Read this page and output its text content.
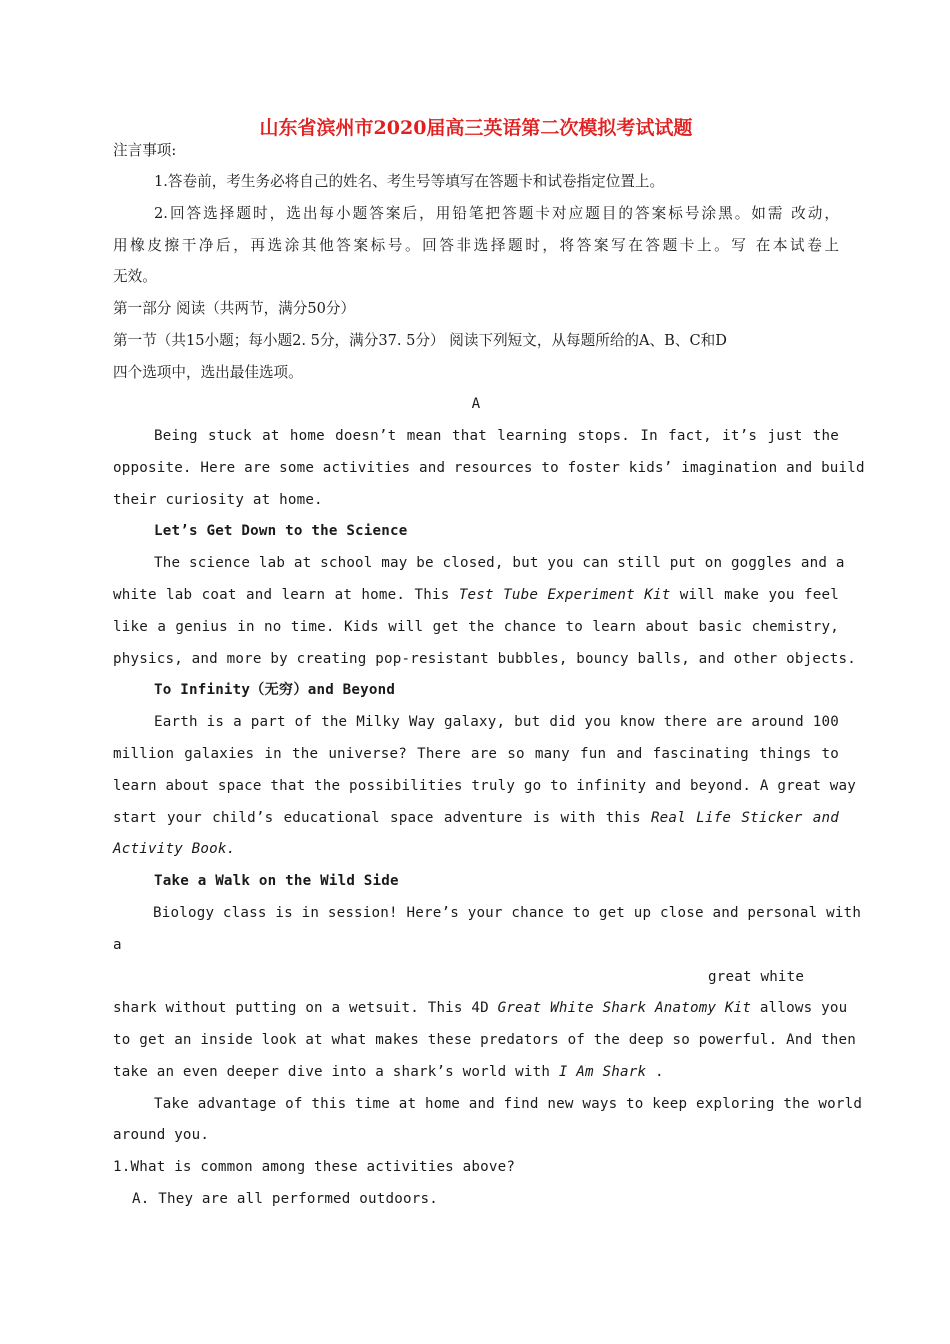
山东省滨州市2020届高三英语第二次模拟考试试题
注言事项:
1.答卷前，考生务必将自己的姓名、考生号等填写在答题卡和试卷指定位置上。
2.回答选择题时，选出每小题答案后，用铅笔把答题卡对应题目的答案标号涂黑。如需 改动，
用橡皮擦干净后，再选涂其他答案标号。回答非选择题时，将答案写在答题卡上。写 在本试卷上
无效。
第一部分 阅读（共两节，满分50分）
第一节（共15小题；每小题2. 5分，满分37. 5分） 阅读下列短文，从每题所给的A、B、C和D
四个选项中，选出最佳选项。
A
Being stuck at home doesn’t mean that learning stops. In fact, it’s just the
opposite. Here are some activities and resources to foster kids’ imagination and build
their curiosity at home.
Let’s Get Down to the Science
The science lab at school may be closed, but you can still put on goggles and a
white lab coat and learn at home. This Test Tube Experiment Kit will make you feel
like a genius in no time. Kids will get the chance to learn about basic chemistry,
physics, and more by creating pop-resistant bubbles, bouncy balls, and other objects.
To Infinity（无穷）and Beyond
Earth is a part of the Milky Way galaxy, but did you know there are around 100
million galaxies in the universe? There are so many fun and fascinating things to
learn about space that the possibilities truly go to infinity and beyond. A great way
start your child’s educational space adventure is with this Real Life Sticker and
Activity Book.
Take a Walk on the Wild Side
Biology class is in session! Here’s your chance to get up close and personal with
a
great white
shark without putting on a wetsuit. This 4D Great White Shark Anatomy Kit allows you
to get an inside look at what makes these predators of the deep so powerful. And then
take an even deeper dive into a shark’s world with I Am Shark .
Take advantage of this time at home and find new ways to keep exploring the world
around you.
1.What is common among these activities above?
A. They are all performed outdoors.
